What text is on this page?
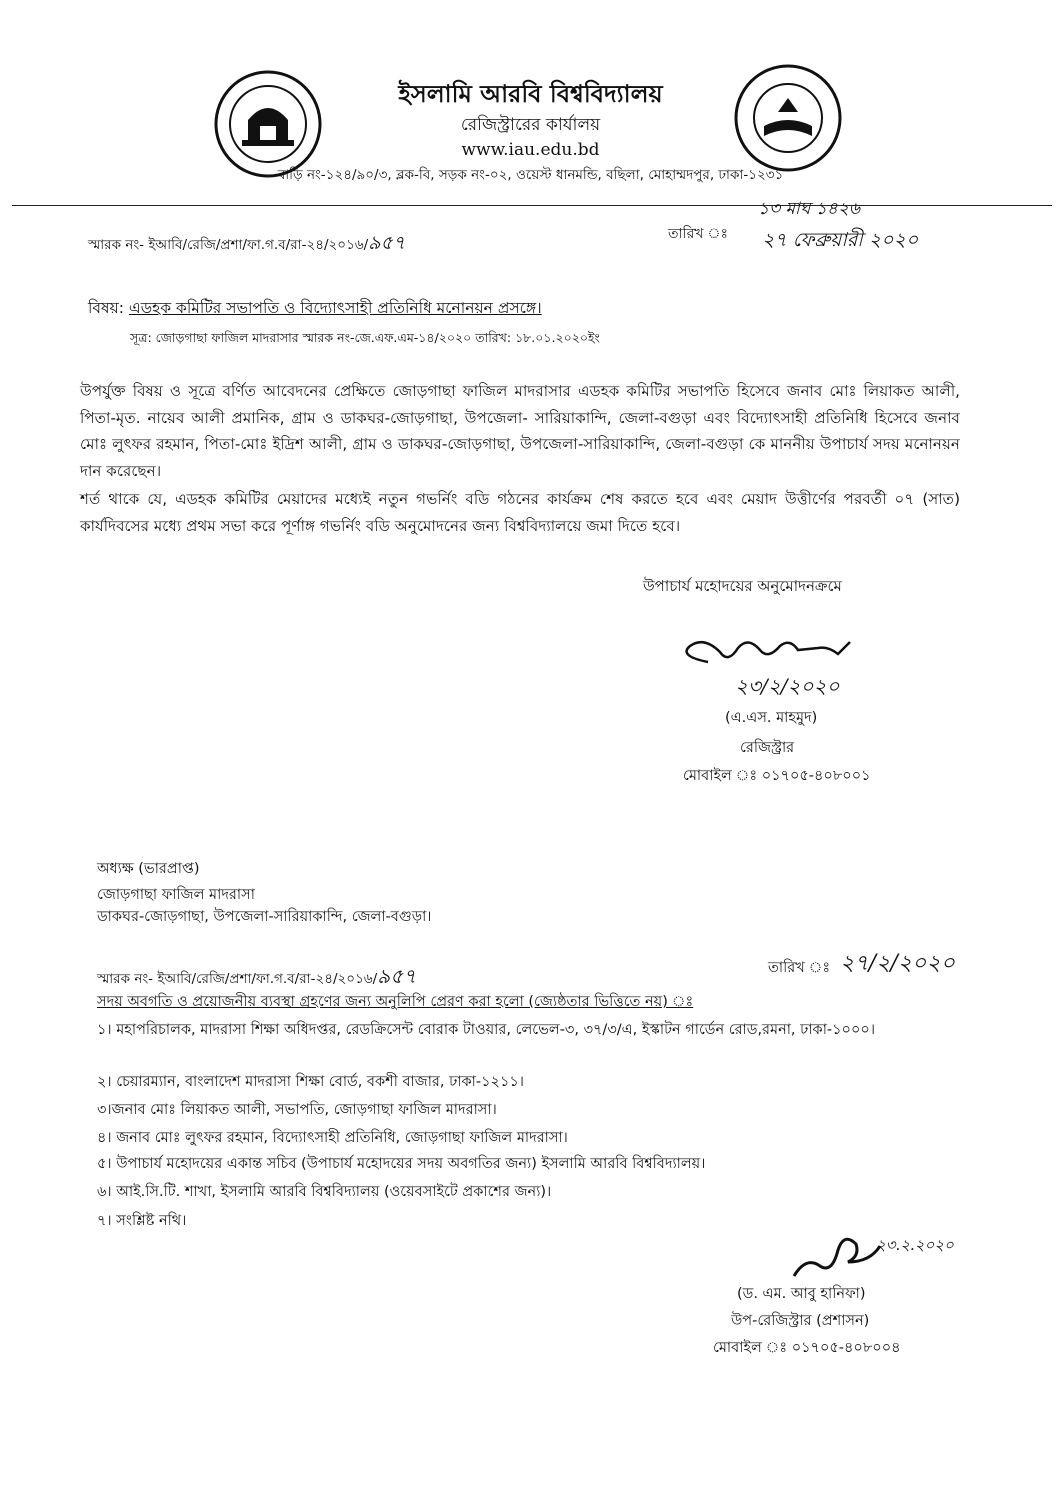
ইসলামি আরবি বিশ্ববিদ্যালয়
রেজিস্ট্রারের কার্যালয়
www.iau.edu.bd
বাড়ি নং-১২৪/৯০/৩, ব্লক-বি, সড়ক নং-০২, ওয়েস্ট ধানমন্ডি, বছিলা, মোহাম্মদপুর, ঢাকা-১২৩১
স্মারক নং- ইআবি/রেজি/প্রশা/ফা.গ.ব/রা-২৪/২০১৬/৯৫৭	তারিখ ঃ
১৩ মাঘ ১৪২৬
২৭ ফেব্রুয়ারী ২০২০
বিষয়: এডহক কমিটির সভাপতি ও বিদ্যোৎসাহী প্রতিনিধি মনোনয়ন প্রসঙ্গে।
সূত্র: জোড়গাছা ফাজিল মাদরাসার স্মারক নং-জে.এফ.এম-১৪/২০২০ তারিখ: ১৮.০১.২০২০ইং

উপর্যুক্ত বিষয় ও সূত্রে বর্ণিত আবেদনের প্রেক্ষিতে জোড়গাছা ফাজিল মাদরাসার এডহক কমিটির সভাপতি হিসেবে জনাব মোঃ লিয়াকত আলী, পিতা-মৃত. নায়েব আলী প্রমানিক, গ্রাম ও ডাকঘর-জোড়গাছা, উপজেলা- সারিয়াকান্দি, জেলা-বগুড়া এবং বিদ্যোৎসাহী প্রতিনিধি হিসেবে জনাব মোঃ লুৎফর রহমান, পিতা-মোঃ ইদ্রিশ আলী, গ্রাম ও ডাকঘর-জোড়গাছা, উপজেলা-সারিয়াকান্দি, জেলা-বগুড়া কে মাননীয় উপাচার্য সদয় মনোনয়ন দান করেছেন।

শর্ত থাকে যে, এডহক কমিটির মেয়াদের মধ্যেই নতুন গভর্নিং বডি গঠনের কার্যক্রম শেষ করতে হবে এবং মেয়াদ উত্তীর্ণের পরবর্তী ০৭ (সাত) কার্যদিবসের মধ্যে প্রথম সভা করে পূর্ণাঙ্গ গভর্নিং বডি অনুমোদনের জন্য বিশ্ববিদ্যালয়ে জমা দিতে হবে।

উপাচার্য মহোদয়ের অনুমোদনক্রমে
২৩/২/২০২০
(এ.এস. মাহমুদ)
রেজিস্ট্রার
মোবাইল ঃ ০১৭০৫-৪০৮০০১
অধ্যক্ষ (ভারপ্রাপ্ত)
জোড়গাছা ফাজিল মাদরাসা
ডাকঘর-জোড়গাছা, উপজেলা-সারিয়াকান্দি, জেলা-বগুড়া।
স্মারক নং- ইআবি/রেজি/প্রশা/ফা.গ.ব/রা-২৪/২০১৬/৯৫৭	তারিখ ঃ ২৭/২/২০২০
সদয় অবগতি ও প্রয়োজনীয় ব্যবস্থা গ্রহণের জন্য অনুলিপি প্রেরণ করা হলো (জ্যেষ্ঠতার ভিত্তিতে নয়) ঃ
১। মহাপরিচালক, মাদরাসা শিক্ষা অধিদপ্তর, রেডক্রিসেন্ট বোরাক টাওয়ার, লেভেল-৩, ৩৭/৩/এ, ইস্কাটন গার্ডেন রোড,রমনা, ঢাকা-১০০০।
২। চেয়ারম্যান, বাংলাদেশ মাদরাসা শিক্ষা বোর্ড, বকশী বাজার, ঢাকা-১২১১।
৩।জনাব মোঃ লিয়াকত আলী, সভাপতি, জোড়গাছা ফাজিল মাদরাসা।
৪। জনাব মোঃ লুৎফর রহমান, বিদ্যোৎসাহী প্রতিনিধি, জোড়গাছা ফাজিল মাদরাসা।
৫। উপাচার্য মহোদয়ের একান্ত সচিব (উপাচার্য মহোদয়ের সদয় অবগতির জন্য) ইসলামি আরবি বিশ্ববিদ্যালয়।
৬। আই.সি.টি. শাখা, ইসলামি আরবি বিশ্ববিদ্যালয় (ওয়েবসাইটে প্রকাশের জন্য)।
৭। সংশ্লিষ্ট নথি।
২৩.২.২০২০
(ড. এম. আবু হানিফা)
উপ-রেজিস্ট্রার (প্রশাসন)
মোবাইল ঃ ০১৭০৫-৪০৮০০৪
